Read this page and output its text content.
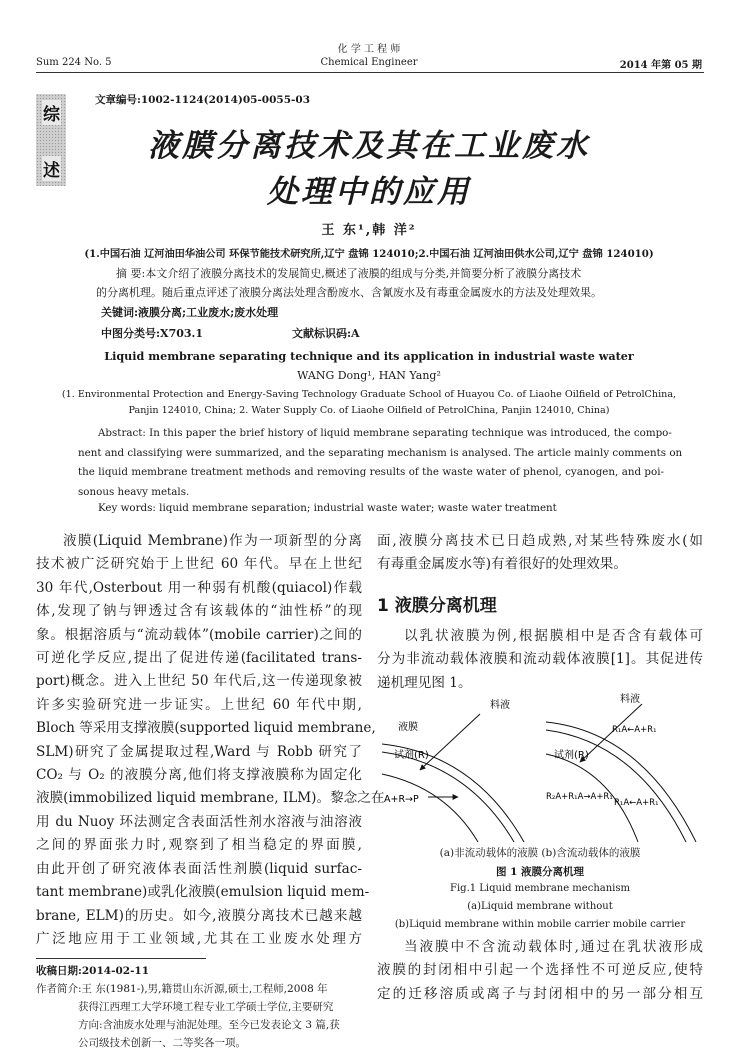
化 学 工 程 师
Sum 224 No. 5	Chemical Engineer	2014 年第 05 期
综
述
文章编号:1002-1124(2014)05-0055-03
液膜分离技术及其在工业废水
处理中的应用
王 东¹,韩 洋²
(1.中国石油 辽河油田华油公司 环保节能技术研究所,辽宁 盘锦 124010;2.中国石油 辽河油田供水公司,辽宁 盘锦 124010)
摘 要:本文介绍了液膜分离技术的发展简史,概述了液膜的组成与分类,并简要分析了液膜分离技术
的分离机理。随后重点评述了液膜分离法处理含酚废水、含氰废水及有毒重金属废水的方法及处理效果。
关键词:液膜分离;工业废水;废水处理
中图分类号:X703.1	文献标识码:A
Liquid membrane separating technique and its application in industrial waste water
WANG Dong¹, HAN Yang²
(1. Environmental Protection and Energy-Saving Technology Graduate School of Huayou Co. of Liaohe Oilfield of PetrolChina,
Panjin 124010, China; 2. Water Supply Co. of Liaohe Oilfield of PetrolChina, Panjin 124010, China)
Abstract: In this paper the brief history of liquid membrane separating technique was introduced, the compo-
nent and classifying were summarized, and the separating mechanism is analysed. The article mainly comments on
the liquid membrane treatment methods and removing results of the waste water of phenol, cyanogen, and poi-
sonous heavy metals.
Key words: liquid membrane separation; industrial waste water; waste water treatment
液膜(Liquid Membrane)作为一项新型的分离
技术被广泛研究始于上世纪 60 年代。早在上世纪
30 年代,Osterbout 用一种弱有机酸(quiacol)作载
体,发现了钠与钾透过含有该载体的“油性桥”的现
象。根据溶质与“流动载体”(mobile carrier)之间的
可逆化学反应,提出了促进传递(facilitated trans-
port)概念。进入上世纪 50 年代后,这一传递现象被
许多实验研究进一步证实。上世纪 60 年代中期,
Bloch 等采用支撑液膜(supported liquid membrane,
SLM)研究了金属提取过程,Ward 与 Robb 研究了
CO₂ 与 O₂ 的液膜分离,他们将支撑液膜称为固定化
液膜(immobilized liquid membrane, ILM)。黎念之在
用 du Nuoy 环法测定含表面活性剂水溶液与油溶液
之间的界面张力时,观察到了相当稳定的界面膜,
由此开创了研究液体表面活性剂膜(liquid surfac-
tant membrane)或乳化液膜(emulsion liquid mem-
brane, ELM)的历史。如今,液膜分离技术已越来越
广泛地应用于工业领域,尤其在工业废水处理方
收稿日期:2014-02-11
作者简介:王 东(1981-),男,籍贯山东沂源,硕士,工程师,2008 年
获得江西理工大学环境工程专业工学硕士学位,主要研究
方向:含油废水处理与油泥处理。至今已发表论文 3 篇,获
公司级技术创新一、二等奖各一项。
面,液膜分离技术已日趋成熟,对某些特殊废水(如
有毒重金属废水等)有着很好的处理效果。
1 液膜分离机理
以乳状液膜为例,根据膜相中是否含有载体可
分为非流动载体液膜和流动载体液膜[1]。其促进传
递机理见图 1。
料液
液膜
试剂(R)
A+R→P
料液
试剂(R)
R₁A←A+R₁
R₂A+R₁A→A+R₁
R₁A←A+R₁
(a)非流动载体的液膜 (b)含流动载体的液膜
图 1 液膜分离机理
Fig.1 Liquid membrane mechanism
(a)Liquid membrane without
(b)Liquid membrane within mobile carrier mobile carrier
当液膜中不含流动载体时,通过在乳状液形成
液膜的封闭相中引起一个选择性不可逆反应,使特
定的迁移溶质或离子与封闭相中的另一部分相互
